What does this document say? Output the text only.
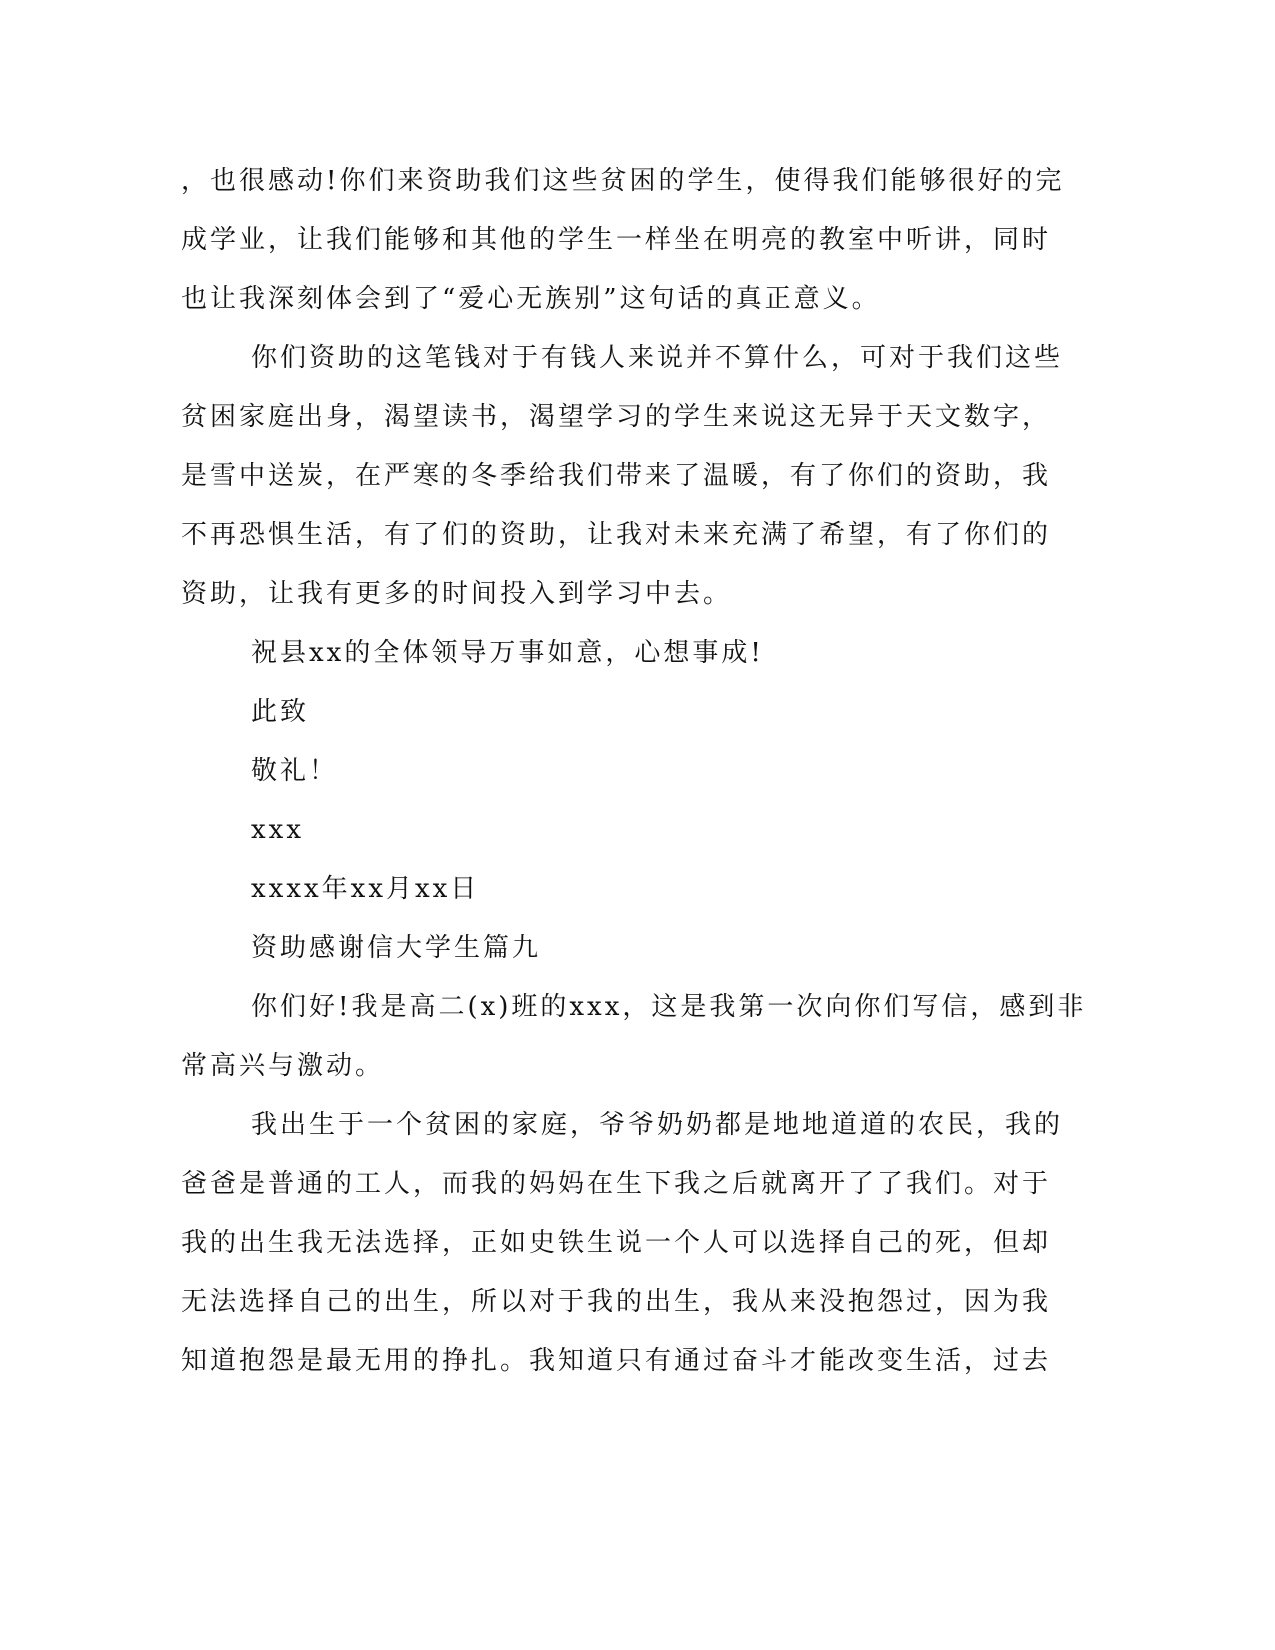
，也很感动!你们来资助我们这些贫困的学生，使得我们能够很好的完
成学业，让我们能够和其他的学生一样坐在明亮的教室中听讲，同时
也让我深刻体会到了“爱心无族别”这句话的真正意义。
你们资助的这笔钱对于有钱人来说并不算什么，可对于我们这些
贫困家庭出身，渴望读书，渴望学习的学生来说这无异于天文数字，
是雪中送炭，在严寒的冬季给我们带来了温暖，有了你们的资助，我
不再恐惧生活，有了们的资助，让我对未来充满了希望，有了你们的
资助，让我有更多的时间投入到学习中去。
祝县xx的全体领导万事如意，心想事成!
此致
敬礼！
xxx
xxxx年xx月xx日
资助感谢信大学生篇九
你们好!我是高二(x)班的xxx，这是我第一次向你们写信，感到非
常高兴与激动。
我出生于一个贫困的家庭，爷爷奶奶都是地地道道的农民，我的
爸爸是普通的工人，而我的妈妈在生下我之后就离开了了我们。对于
我的出生我无法选择，正如史铁生说一个人可以选择自己的死，但却
无法选择自己的出生，所以对于我的出生，我从来没抱怨过，因为我
知道抱怨是最无用的挣扎。我知道只有通过奋斗才能改变生活，过去
